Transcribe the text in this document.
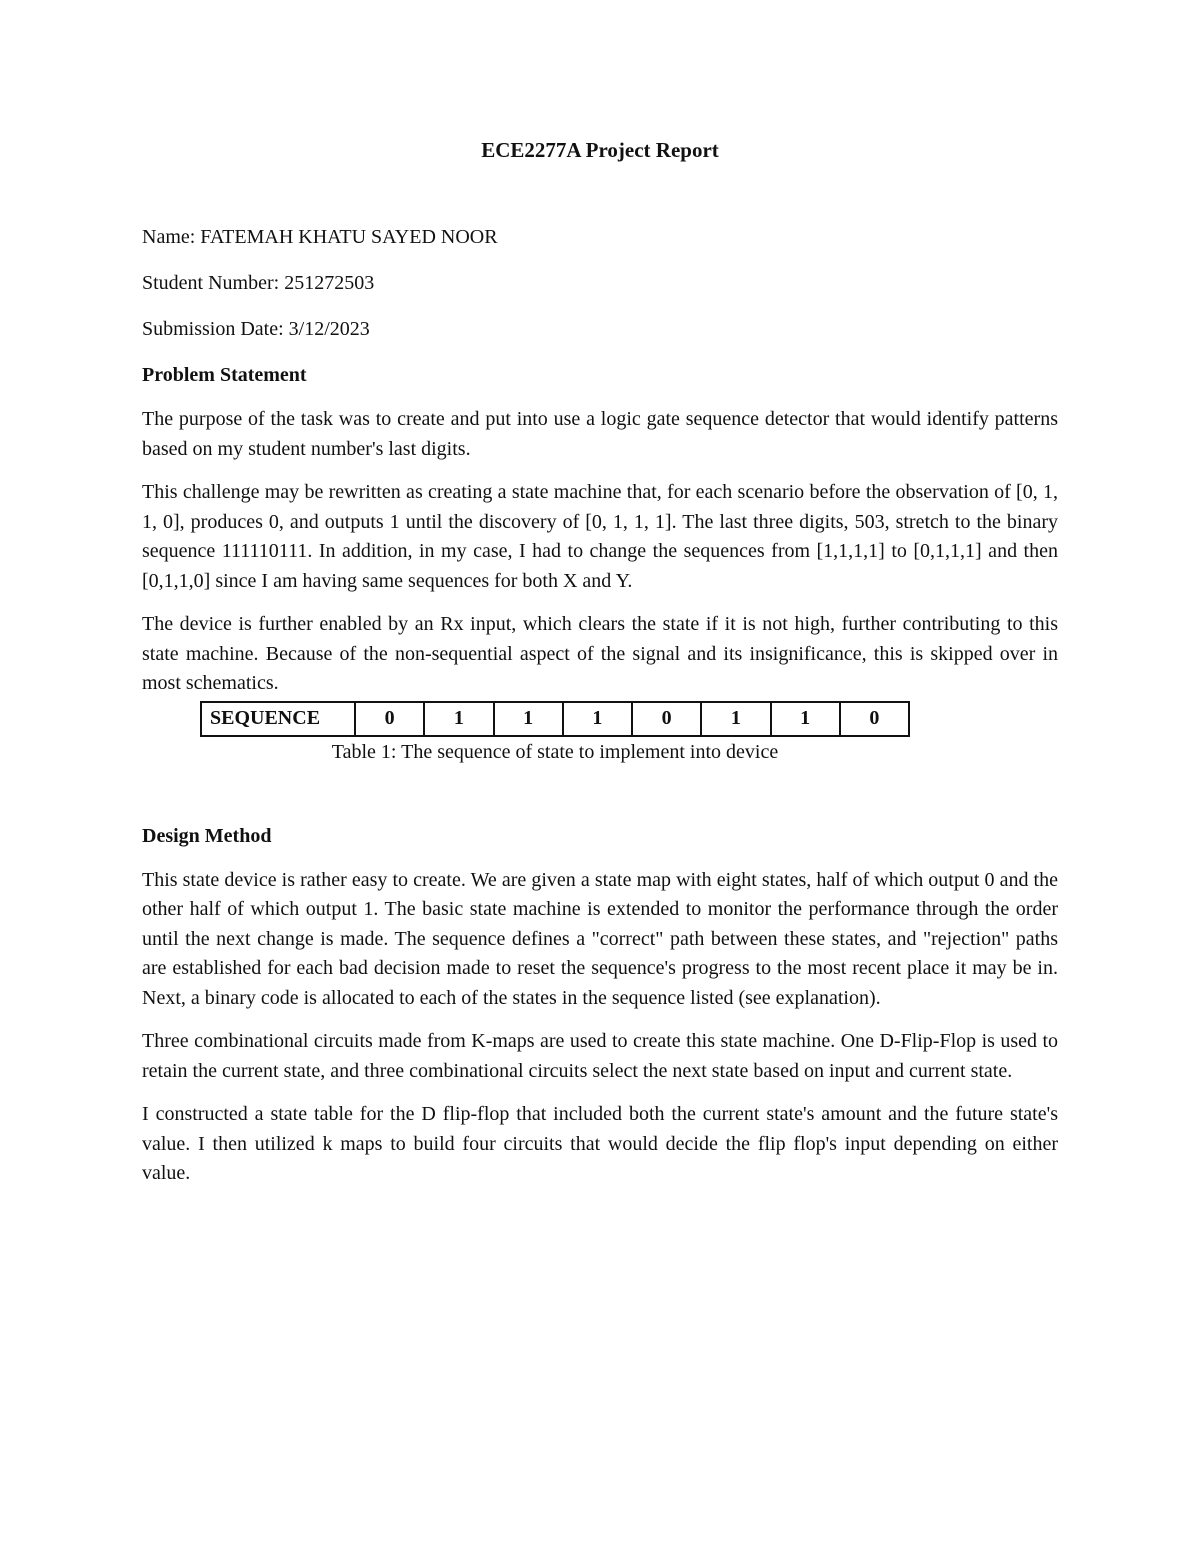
ECE2277A Project Report
Name: FATEMAH KHATU SAYED NOOR
Student Number: 251272503
Submission Date: 3/12/2023
Problem Statement

The purpose of the task was to create and put into use a logic gate sequence detector that would identify patterns based on my student number's last digits.

This challenge may be rewritten as creating a state machine that, for each scenario before the observation of [0, 1, 1, 0], produces 0, and outputs 1 until the discovery of [0, 1, 1, 1]. The last three digits, 503, stretch to the binary sequence 111110111. In addition, in my case, I had to change the sequences from [1,1,1,1] to [0,1,1,1] and then [0,1,1,0] since I am having same sequences for both X and Y.

The device is further enabled by an Rx input, which clears the state if it is not high, further contributing to this state machine. Because of the non-sequential aspect of the signal and its insignificance, this is skipped over in most schematics.

SEQUENCE	0	1	1	1	0	1	1	0
Table 1: The sequence of state to implement into device
Design Method

This state device is rather easy to create. We are given a state map with eight states, half of which output 0 and the other half of which output 1. The basic state machine is extended to monitor the performance through the order until the next change is made. The sequence defines a "correct" path between these states, and "rejection" paths are established for each bad decision made to reset the sequence's progress to the most recent place it may be in. Next, a binary code is allocated to each of the states in the sequence listed (see explanation).

Three combinational circuits made from K-maps are used to create this state machine. One D-Flip-Flop is used to retain the current state, and three combinational circuits select the next state based on input and current state.

I constructed a state table for the D flip-flop that included both the current state's amount and the future state's value. I then utilized k maps to build four circuits that would decide the flip flop's input depending on either value.
